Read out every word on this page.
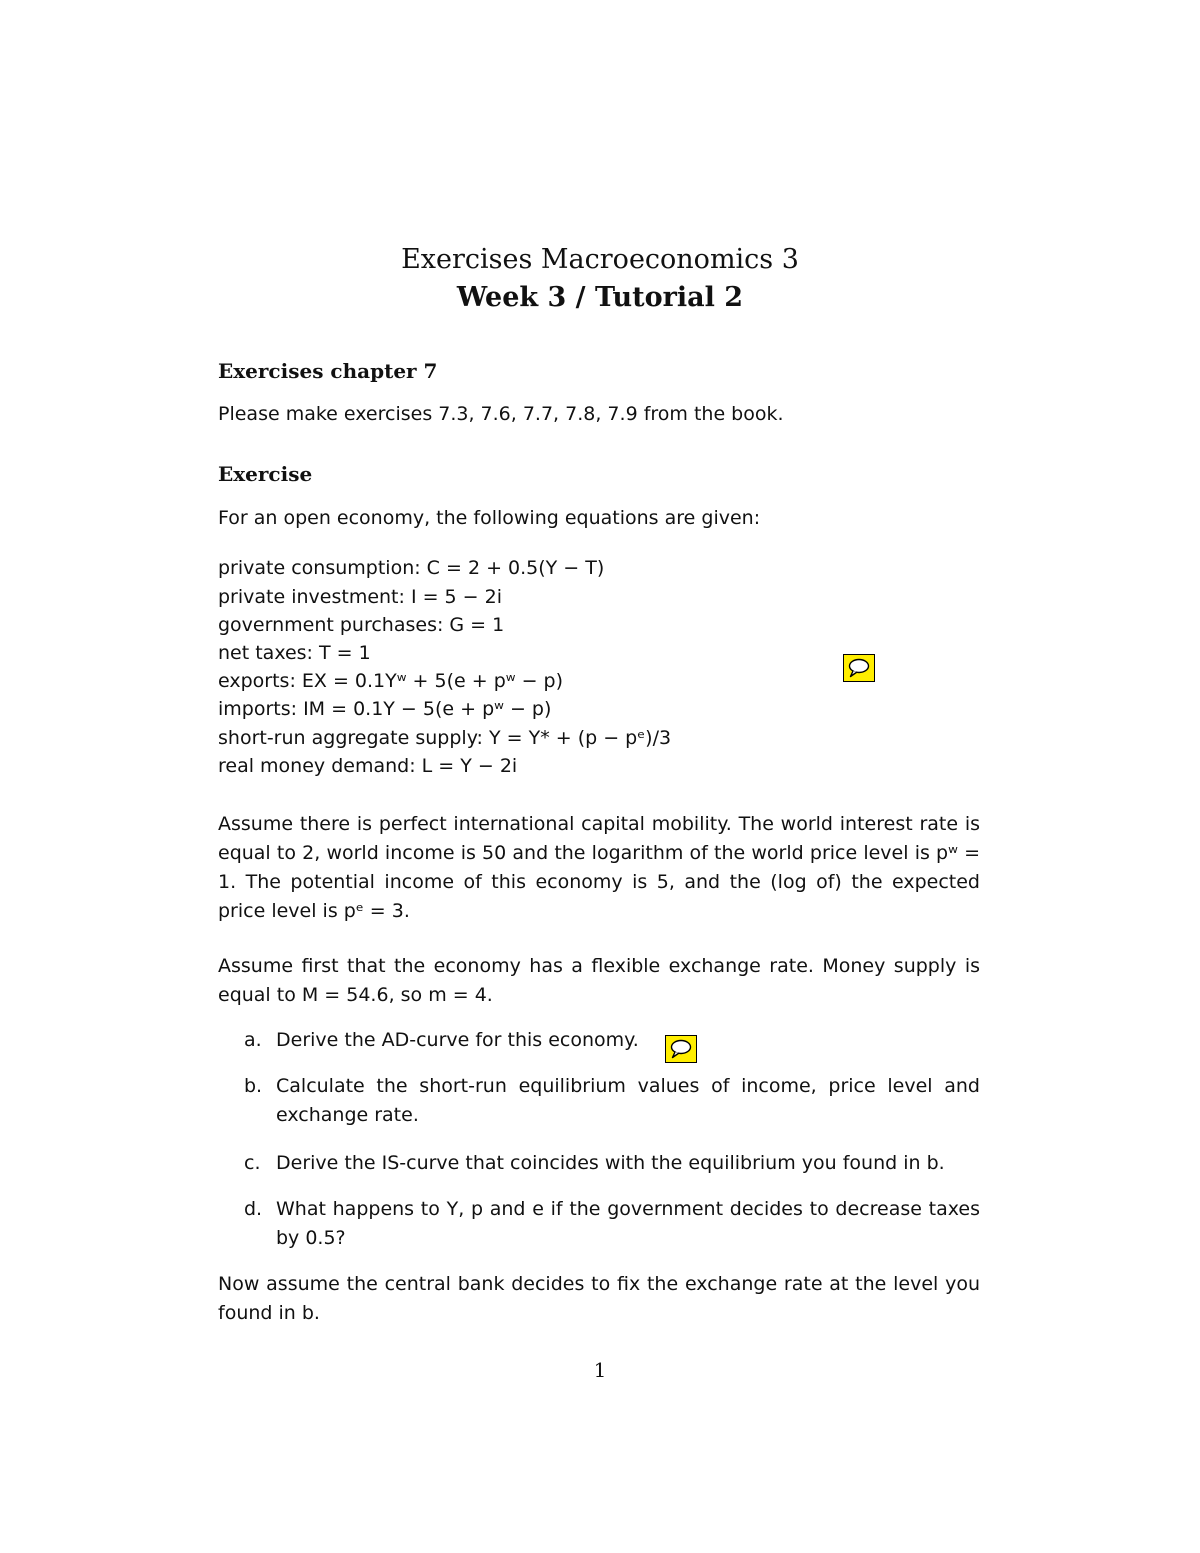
Exercises Macroeconomics 3
Week 3 / Tutorial 2
Exercises chapter 7
Please make exercises 7.3, 7.6, 7.7, 7.8, 7.9 from the book.
Exercise
For an open economy, the following equations are given:
private consumption: C = 2 + 0.5(Y − T)
private investment: I = 5 − 2i
government purchases: G = 1
net taxes: T = 1
exports: EX = 0.1Yʷ + 5(e + pʷ − p)
imports: IM = 0.1Y − 5(e + pʷ − p)
short-run aggregate supply: Y = Y* + (p − pᵉ)/3
real money demand: L = Y − 2i
Assume there is perfect international capital mobility. The world interest rate is equal to 2, world income is 50 and the logarithm of the world price level is pʷ = 1. The potential income of this economy is 5, and the (log of) the expected price level is pᵉ = 3.
Assume first that the economy has a flexible exchange rate. Money supply is equal to M = 54.6, so m = 4.
a. Derive the AD-curve for this economy.
b. Calculate the short-run equilibrium values of income, price level and exchange rate.
c. Derive the IS-curve that coincides with the equilibrium you found in b.
d. What happens to Y, p and e if the government decides to decrease taxes by 0.5?
Now assume the central bank decides to fix the exchange rate at the level you found in b.
1
